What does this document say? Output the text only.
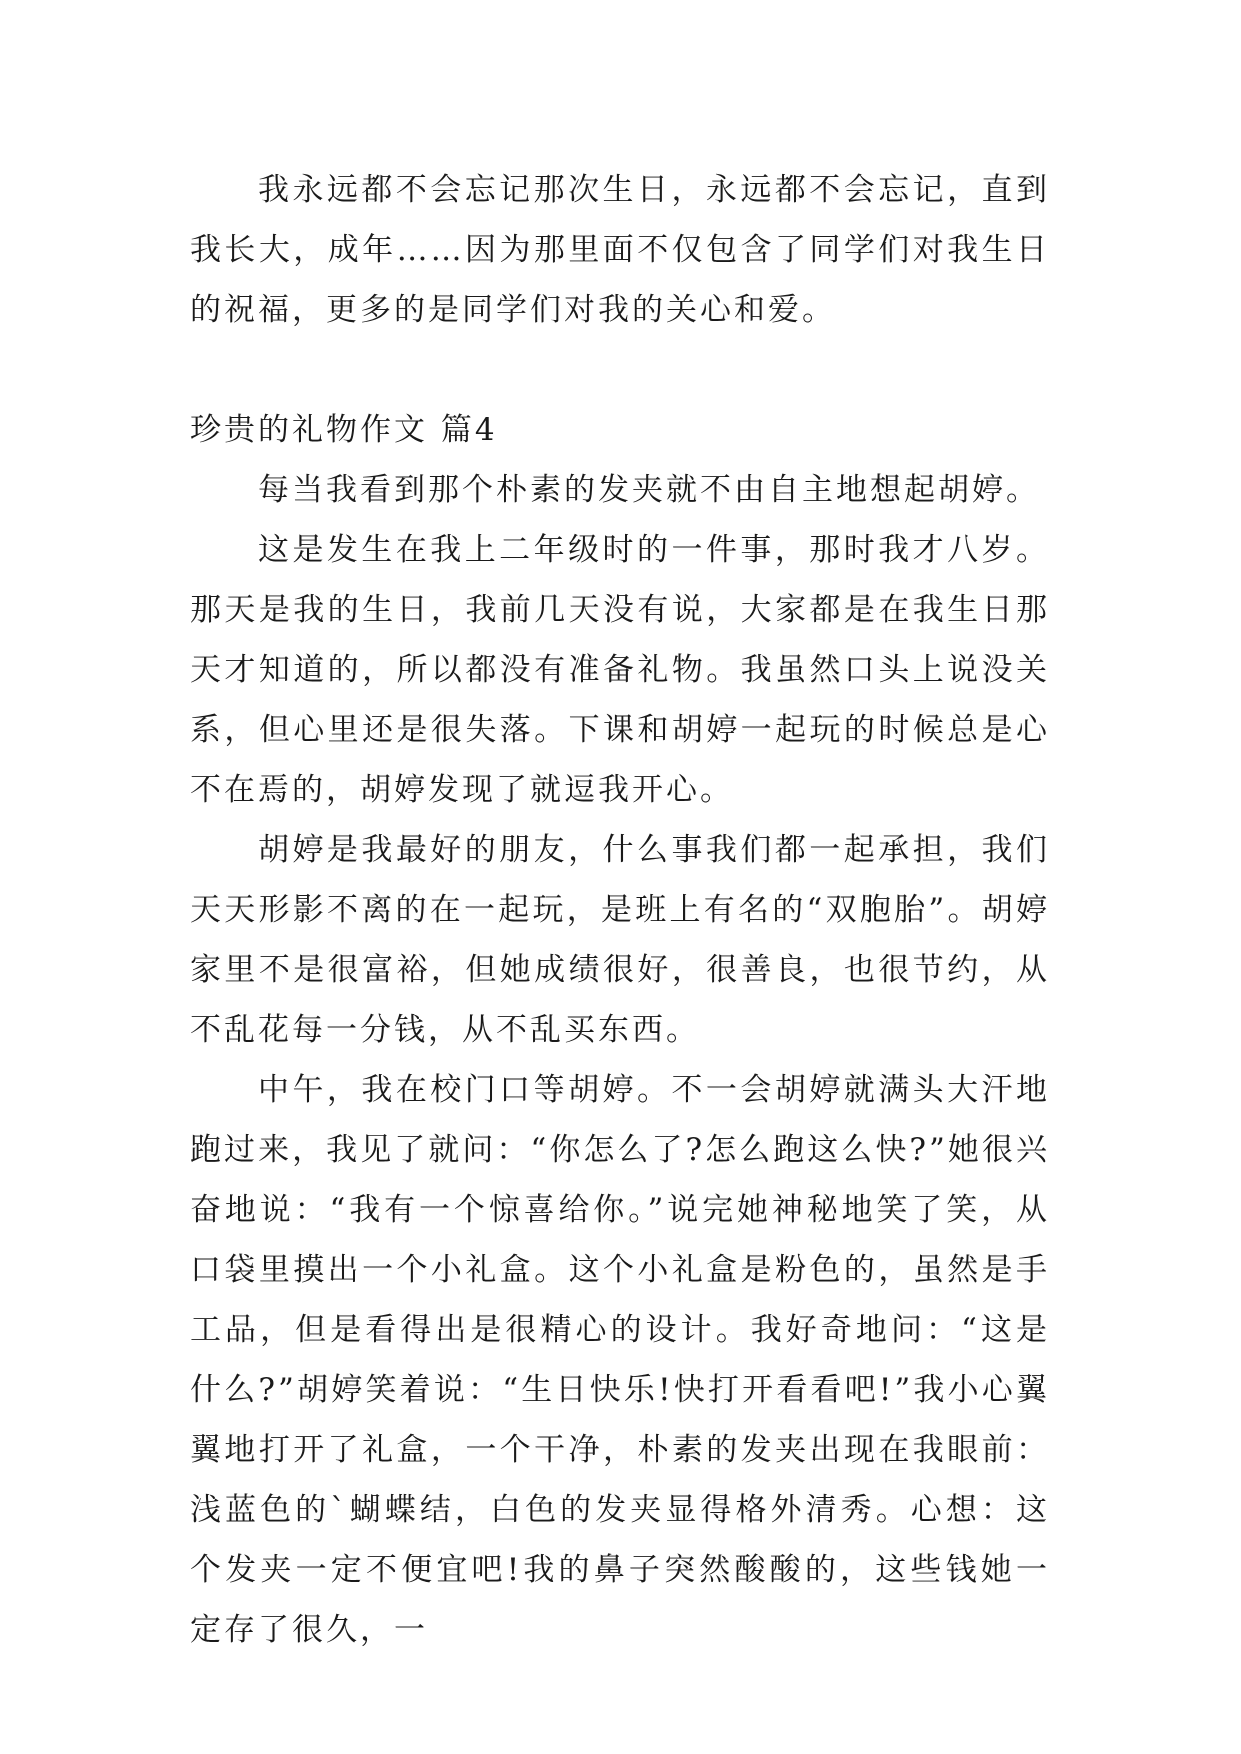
我永远都不会忘记那次生日，永远都不会忘记，直到我长大，成年……因为那里面不仅包含了同学们对我生日的祝福，更多的是同学们对我的关心和爱。

珍贵的礼物作文 篇4

每当我看到那个朴素的发夹就不由自主地想起胡婷。

这是发生在我上二年级时的一件事，那时我才八岁。那天是我的生日，我前几天没有说，大家都是在我生日那天才知道的，所以都没有准备礼物。我虽然口头上说没关系，但心里还是很失落。下课和胡婷一起玩的时候总是心不在焉的，胡婷发现了就逗我开心。

胡婷是我最好的朋友，什么事我们都一起承担，我们天天形影不离的在一起玩，是班上有名的“双胞胎”。胡婷家里不是很富裕，但她成绩很好，很善良，也很节约，从不乱花每一分钱，从不乱买东西。

中午，我在校门口等胡婷。不一会胡婷就满头大汗地跑过来，我见了就问：“你怎么了?怎么跑这么快?”她很兴奋地说：“我有一个惊喜给你。”说完她神秘地笑了笑，从口袋里摸出一个小礼盒。这个小礼盒是粉色的，虽然是手工品，但是看得出是很精心的设计。我好奇地问：“这是什么?”胡婷笑着说：“生日快乐!快打开看看吧!”我小心翼翼地打开了礼盒，一个干净，朴素的发夹出现在我眼前：浅蓝色的`蝴蝶结，白色的发夹显得格外清秀。心想：这个发夹一定不便宜吧!我的鼻子突然酸酸的，这些钱她一定存了很久，一
